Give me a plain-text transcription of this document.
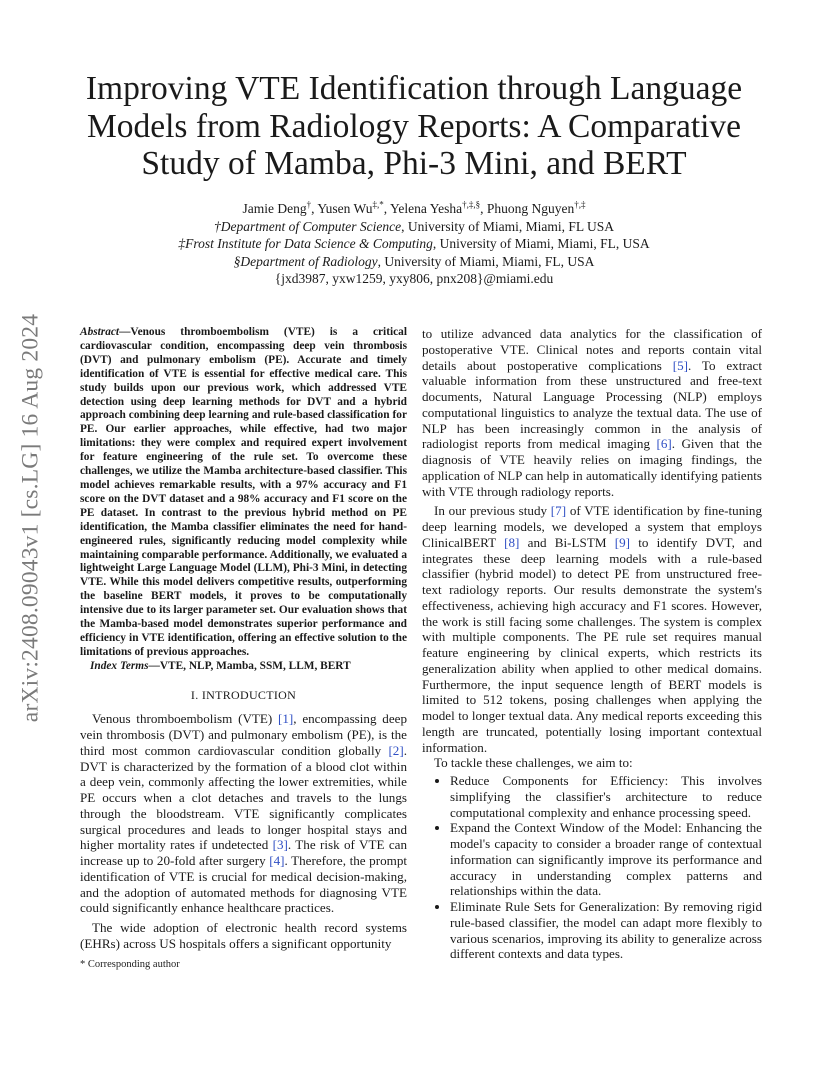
arXiv:2408.09043v1 [cs.LG] 16 Aug 2024
Improving VTE Identification through Language
Models from Radiology Reports: A Comparative
Study of Mamba, Phi-3 Mini, and BERT
Jamie Deng†, Yusen Wu‡,*, Yelena Yesha†,‡,§, Phuong Nguyen†,‡
†Department of Computer Science, University of Miami, Miami, FL USA
‡Frost Institute for Data Science & Computing, University of Miami, Miami, FL, USA
§Department of Radiology, University of Miami, Miami, FL, USA
{jxd3987, yxw1259, yxy806, pnx208}@miami.edu

Abstract—Venous thromboembolism (VTE) is a critical cardiovascular condition, encompassing deep vein thrombosis (DVT) and pulmonary embolism (PE). Accurate and timely identification of VTE is essential for effective medical care. This study builds upon our previous work, which addressed VTE detection using deep learning methods for DVT and a hybrid approach combining deep learning and rule-based classification for PE. Our earlier approaches, while effective, had two major limitations: they were complex and required expert involvement for feature engineering of the rule set. To overcome these challenges, we utilize the Mamba architecture-based classifier. This model achieves remarkable results, with a 97% accuracy and F1 score on the DVT dataset and a 98% accuracy and F1 score on the PE dataset. In contrast to the previous hybrid method on PE identification, the Mamba classifier eliminates the need for hand-engineered rules, significantly reducing model complexity while maintaining comparable performance. Additionally, we evaluated a lightweight Large Language Model (LLM), Phi-3 Mini, in detecting VTE. While this model delivers competitive results, outperforming the baseline BERT models, it proves to be computationally intensive due to its larger parameter set. Our evaluation shows that the Mamba-based model demonstrates superior performance and efficiency in VTE identification, offering an effective solution to the limitations of previous approaches.

Index Terms—VTE, NLP, Mamba, SSM, LLM, BERT

I. INTRODUCTION

Venous thromboembolism (VTE) [1], encompassing deep vein thrombosis (DVT) and pulmonary embolism (PE), is the third most common cardiovascular condition globally [2]. DVT is characterized by the formation of a blood clot within a deep vein, commonly affecting the lower extremities, while PE occurs when a clot detaches and travels to the lungs through the bloodstream. VTE significantly complicates surgical procedures and leads to longer hospital stays and higher mortality rates if undetected [3]. The risk of VTE can increase up to 20-fold after surgery [4]. Therefore, the prompt identification of VTE is crucial for medical decision-making, and the adoption of automated methods for diagnosing VTE could significantly enhance healthcare practices.

The wide adoption of electronic health record systems (EHRs) across US hospitals offers a significant opportunity

* Corresponding author

to utilize advanced data analytics for the classification of postoperative VTE. Clinical notes and reports contain vital details about postoperative complications [5]. To extract valuable information from these unstructured and free-text documents, Natural Language Processing (NLP) employs computational linguistics to analyze the textual data. The use of NLP has been increasingly common in the analysis of radiologist reports from medical imaging [6]. Given that the diagnosis of VTE heavily relies on imaging findings, the application of NLP can help in automatically identifying patients with VTE through radiology reports.

In our previous study [7] of VTE identification by fine-tuning deep learning models, we developed a system that employs ClinicalBERT [8] and Bi-LSTM [9] to identify DVT, and integrates these deep learning models with a rule-based classifier (hybrid model) to detect PE from unstructured free-text radiology reports. Our results demonstrate the system's effectiveness, achieving high accuracy and F1 scores. However, the work is still facing some challenges. The system is complex with multiple components. The PE rule set requires manual feature engineering by clinical experts, which restricts its generalization ability when applied to other medical domains. Furthermore, the input sequence length of BERT models is limited to 512 tokens, posing challenges when applying the model to longer textual data. Any medical reports exceeding this length are truncated, potentially losing important contextual information.

To tackle these challenges, we aim to:

• Reduce Components for Efficiency: This involves simplifying the classifier's architecture to reduce computational complexity and enhance processing speed.
• Expand the Context Window of the Model: Enhancing the model's capacity to consider a broader range of contextual information can significantly improve its performance and accuracy in understanding complex patterns and relationships within the data.
• Eliminate Rule Sets for Generalization: By removing rigid rule-based classifier, the model can adapt more flexibly to various scenarios, improving its ability to generalize across different contexts and data types.
